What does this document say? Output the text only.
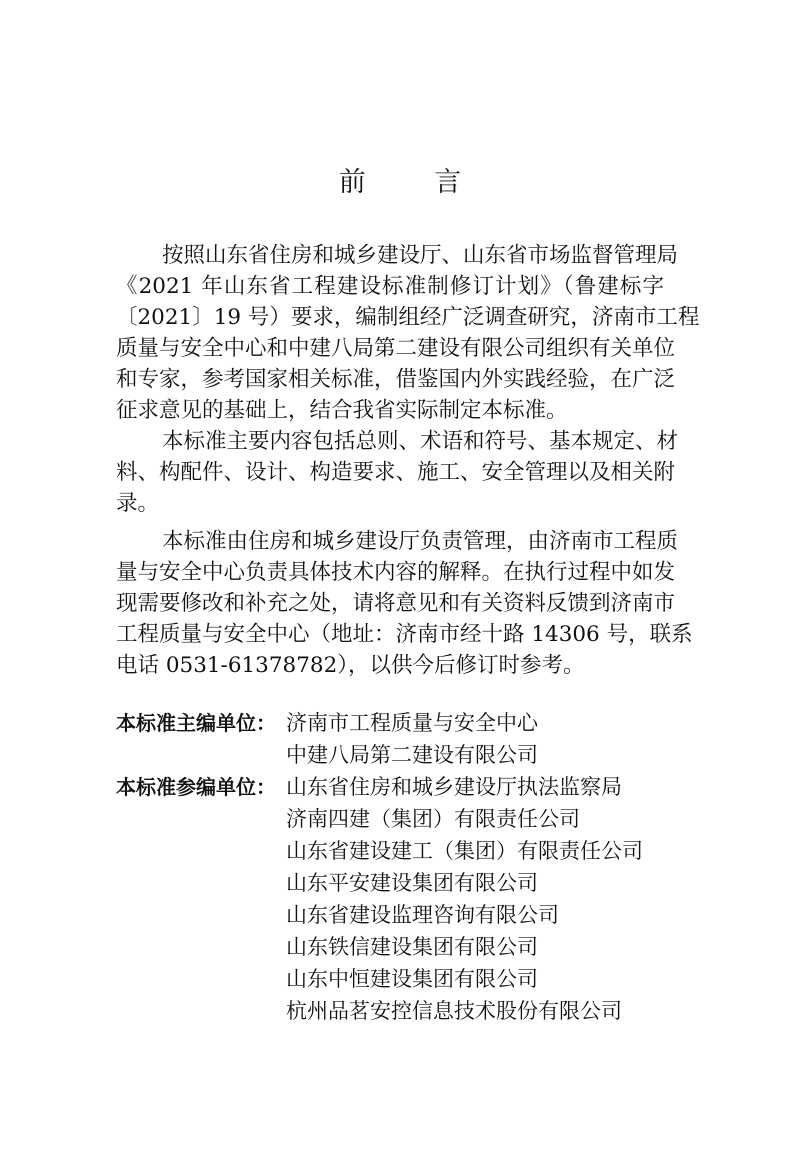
前 言
按照山东省住房和城乡建设厅、山东省市场监督管理局
《2021 年山东省工程建设标准制修订计划》（鲁建标字
〔2021〕19 号）要求，编制组经广泛调查研究，济南市工程
质量与安全中心和中建八局第二建设有限公司组织有关单位
和专家，参考国家相关标准，借鉴国内外实践经验，在广泛
征求意见的基础上，结合我省实际制定本标准。
本标准主要内容包括总则、术语和符号、基本规定、材
料、构配件、设计、构造要求、施工、安全管理以及相关附
录。
本标准由住房和城乡建设厅负责管理，由济南市工程质
量与安全中心负责具体技术内容的解释。在执行过程中如发
现需要修改和补充之处，请将意见和有关资料反馈到济南市
工程质量与安全中心（地址：济南市经十路 14306 号，联系
电话 0531-61378782），以供今后修订时参考。
本标准主编单位： 济南市工程质量与安全中心
中建八局第二建设有限公司
本标准参编单位： 山东省住房和城乡建设厅执法监察局
济南四建（集团）有限责任公司
山东省建设建工（集团）有限责任公司
山东平安建设集团有限公司
山东省建设监理咨询有限公司
山东铁信建设集团有限公司
山东中恒建设集团有限公司
杭州品茗安控信息技术股份有限公司
